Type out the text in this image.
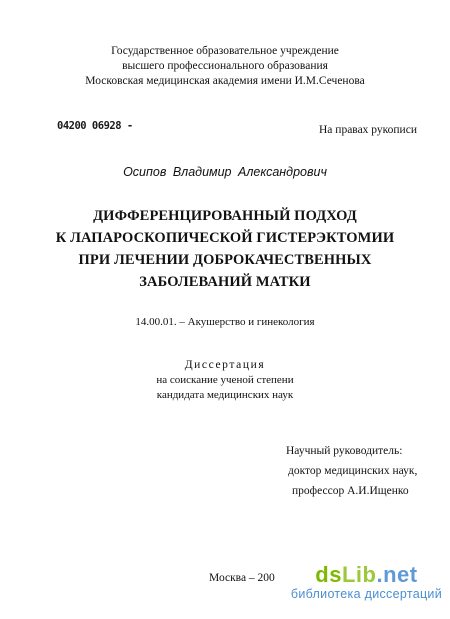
Государственное образовательное учреждение
высшего профессионального образования
Московская медицинская академия имени И.М.Сеченова
04200 06928 -	На правах рукописи
Осипов Владимир Александрович
ДИФФЕРЕНЦИРОВАННЫЙ ПОДХОД
К ЛАПАРОСКОПИЧЕСКОЙ ГИСТЕРЭКТОМИИ
ПРИ ЛЕЧЕНИИ ДОБРОКАЧЕСТВЕННЫХ
ЗАБОЛЕВАНИЙ МАТКИ
14.00.01. – Акушерство и гинекология
Диссертация
на соискание ученой степени
кандидата медицинских наук
Научный руководитель:
доктор медицинских наук,
профессор А.И.Ищенко
Москва – 200	dsLib.net
библиотека диссертаций
